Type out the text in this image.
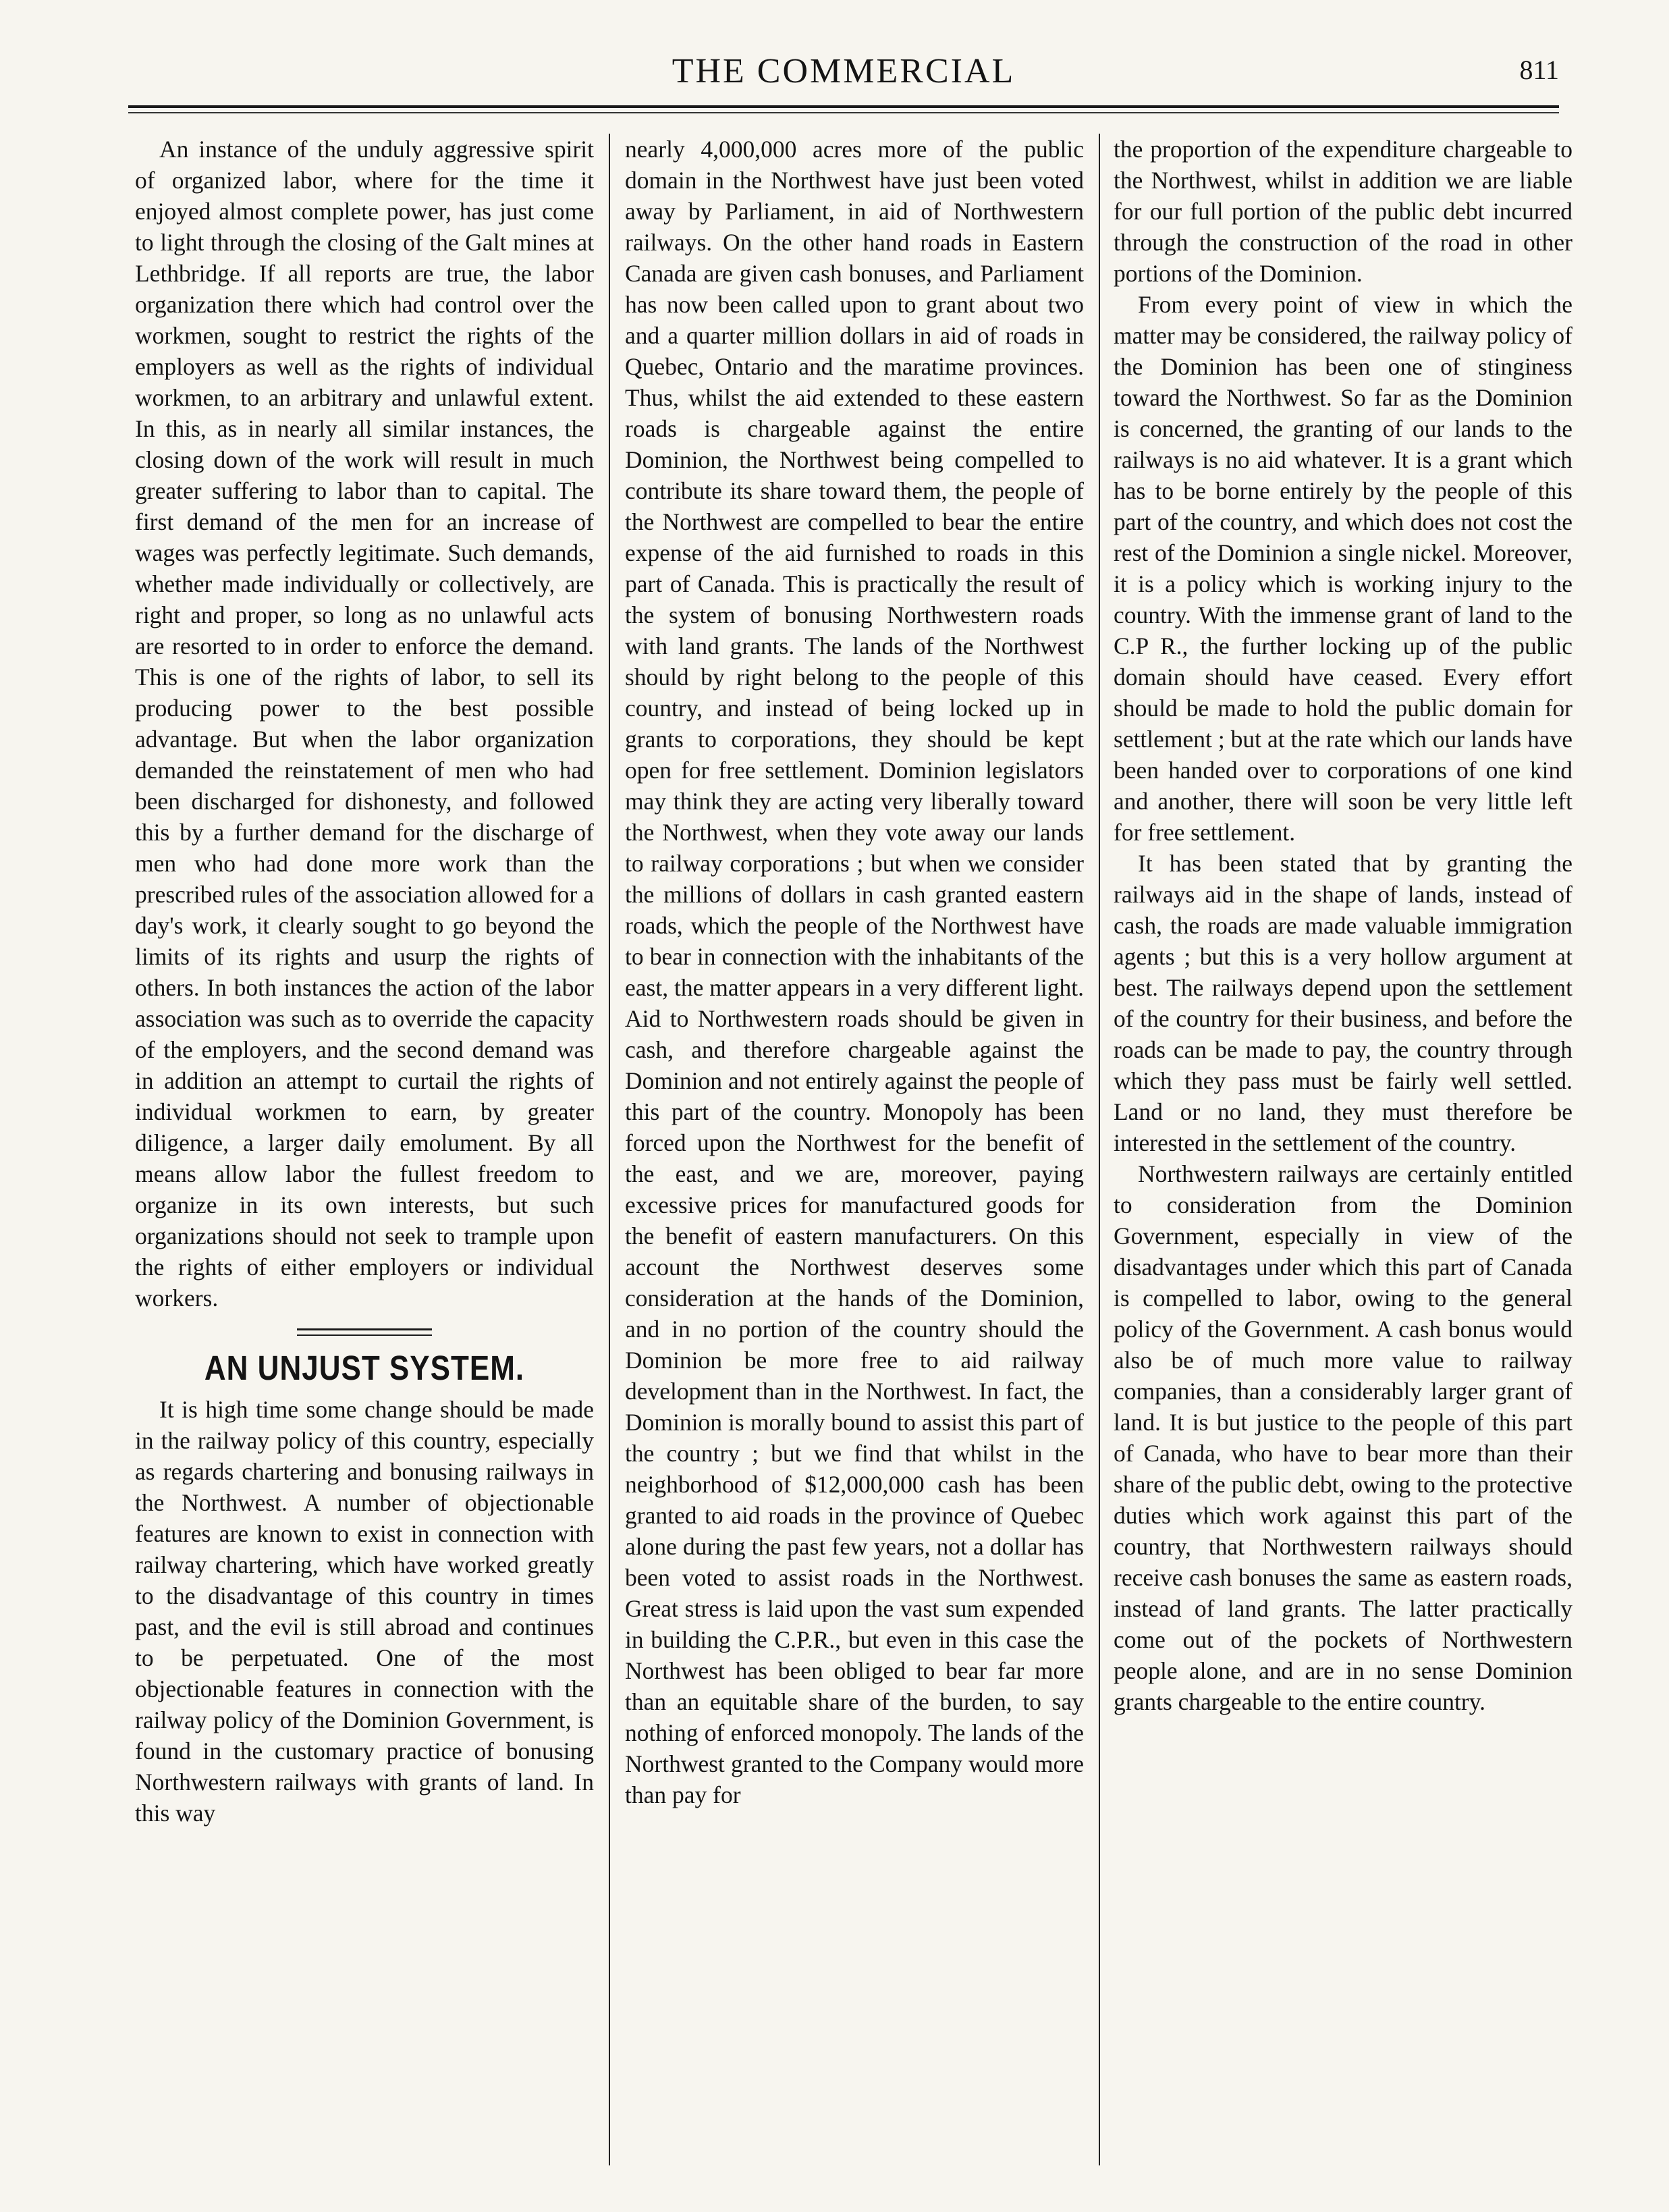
THE COMMERCIAL	811

An instance of the unduly aggressive spirit of organized labor, where for the time it enjoyed almost complete power, has just come to light through the closing of the Galt mines at Lethbridge. If all reports are true, the labor organization there which had control over the workmen, sought to restrict the rights of the employers as well as the rights of individual workmen, to an arbitrary and unlawful extent. In this, as in nearly all similar instances, the closing down of the work will result in much greater suffering to labor than to capital. The first demand of the men for an increase of wages was perfectly legitimate. Such demands, whether made individually or collectively, are right and proper, so long as no unlawful acts are resorted to in order to enforce the demand. This is one of the rights of labor, to sell its producing power to the best possible advantage. But when the labor organization demanded the reinstatement of men who had been discharged for dishonesty, and followed this by a further demand for the discharge of men who had done more work than the prescribed rules of the association allowed for a day's work, it clearly sought to go beyond the limits of its rights and usurp the rights of others. In both instances the action of the labor association was such as to override the capacity of the employers, and the second demand was in addition an attempt to curtail the rights of individual workmen to earn, by greater diligence, a larger daily emolument. By all means allow labor the fullest freedom to organize in its own interests, but such organizations should not seek to trample upon the rights of either employers or individual workers.

AN UNJUST SYSTEM.

It is high time some change should be made in the railway policy of this country, especially as regards chartering and bonusing railways in the Northwest. A number of objectionable features are known to exist in connection with railway chartering, which have worked greatly to the disadvantage of this country in times past, and the evil is still abroad and continues to be perpetuated. One of the most objectionable features in connection with the railway policy of the Dominion Government, is found in the customary practice of bonusing Northwestern railways with grants of land. In this way

nearly 4,000,000 acres more of the public domain in the Northwest have just been voted away by Parliament, in aid of Northwestern railways. On the other hand roads in Eastern Canada are given cash bonuses, and Parliament has now been called upon to grant about two and a quarter million dollars in aid of roads in Quebec, Ontario and the maratime provinces. Thus, whilst the aid extended to these eastern roads is chargeable against the entire Dominion, the Northwest being compelled to contribute its share toward them, the people of the Northwest are compelled to bear the entire expense of the aid furnished to roads in this part of Canada. This is practically the result of the system of bonusing Northwestern roads with land grants. The lands of the Northwest should by right belong to the people of this country, and instead of being locked up in grants to corporations, they should be kept open for free settlement. Dominion legislators may think they are acting very liberally toward the Northwest, when they vote away our lands to railway corporations ; but when we consider the millions of dollars in cash granted eastern roads, which the people of the Northwest have to bear in connection with the inhabitants of the east, the matter appears in a very different light. Aid to Northwestern roads should be given in cash, and therefore chargeable against the Dominion and not entirely against the people of this part of the country. Monopoly has been forced upon the Northwest for the benefit of the east, and we are, moreover, paying excessive prices for manufactured goods for the benefit of eastern manufacturers. On this account the Northwest deserves some consideration at the hands of the Dominion, and in no portion of the country should the Dominion be more free to aid railway development than in the Northwest. In fact, the Dominion is morally bound to assist this part of the country ; but we find that whilst in the neighborhood of $12,000,000 cash has been granted to aid roads in the province of Quebec alone during the past few years, not a dollar has been voted to assist roads in the Northwest. Great stress is laid upon the vast sum expended in building the C.P.R., but even in this case the Northwest has been obliged to bear far more than an equitable share of the burden, to say nothing of enforced monopoly. The lands of the Northwest granted to the Company would more than pay for

the proportion of the expenditure chargeable to the Northwest, whilst in addition we are liable for our full portion of the public debt incurred through the construction of the road in other portions of the Dominion.

From every point of view in which the matter may be considered, the railway policy of the Dominion has been one of stinginess toward the Northwest. So far as the Dominion is concerned, the granting of our lands to the railways is no aid whatever. It is a grant which has to be borne entirely by the people of this part of the country, and which does not cost the rest of the Dominion a single nickel. Moreover, it is a policy which is working injury to the country. With the immense grant of land to the C.P R., the further locking up of the public domain should have ceased. Every effort should be made to hold the public domain for settlement ; but at the rate which our lands have been handed over to corporations of one kind and another, there will soon be very little left for free settlement.

It has been stated that by granting the railways aid in the shape of lands, instead of cash, the roads are made valuable immigration agents ; but this is a very hollow argument at best. The railways depend upon the settlement of the country for their business, and before the roads can be made to pay, the country through which they pass must be fairly well settled. Land or no land, they must therefore be interested in the settlement of the country.

Northwestern railways are certainly entitled to consideration from the Dominion Government, especially in view of the disadvantages under which this part of Canada is compelled to labor, owing to the general policy of the Government. A cash bonus would also be of much more value to railway companies, than a considerably larger grant of land. It is but justice to the people of this part of Canada, who have to bear more than their share of the public debt, owing to the protective duties which work against this part of the country, that Northwestern railways should receive cash bonuses the same as eastern roads, instead of land grants. The latter practically come out of the pockets of Northwestern people alone, and are in no sense Dominion grants chargeable to the entire country.
